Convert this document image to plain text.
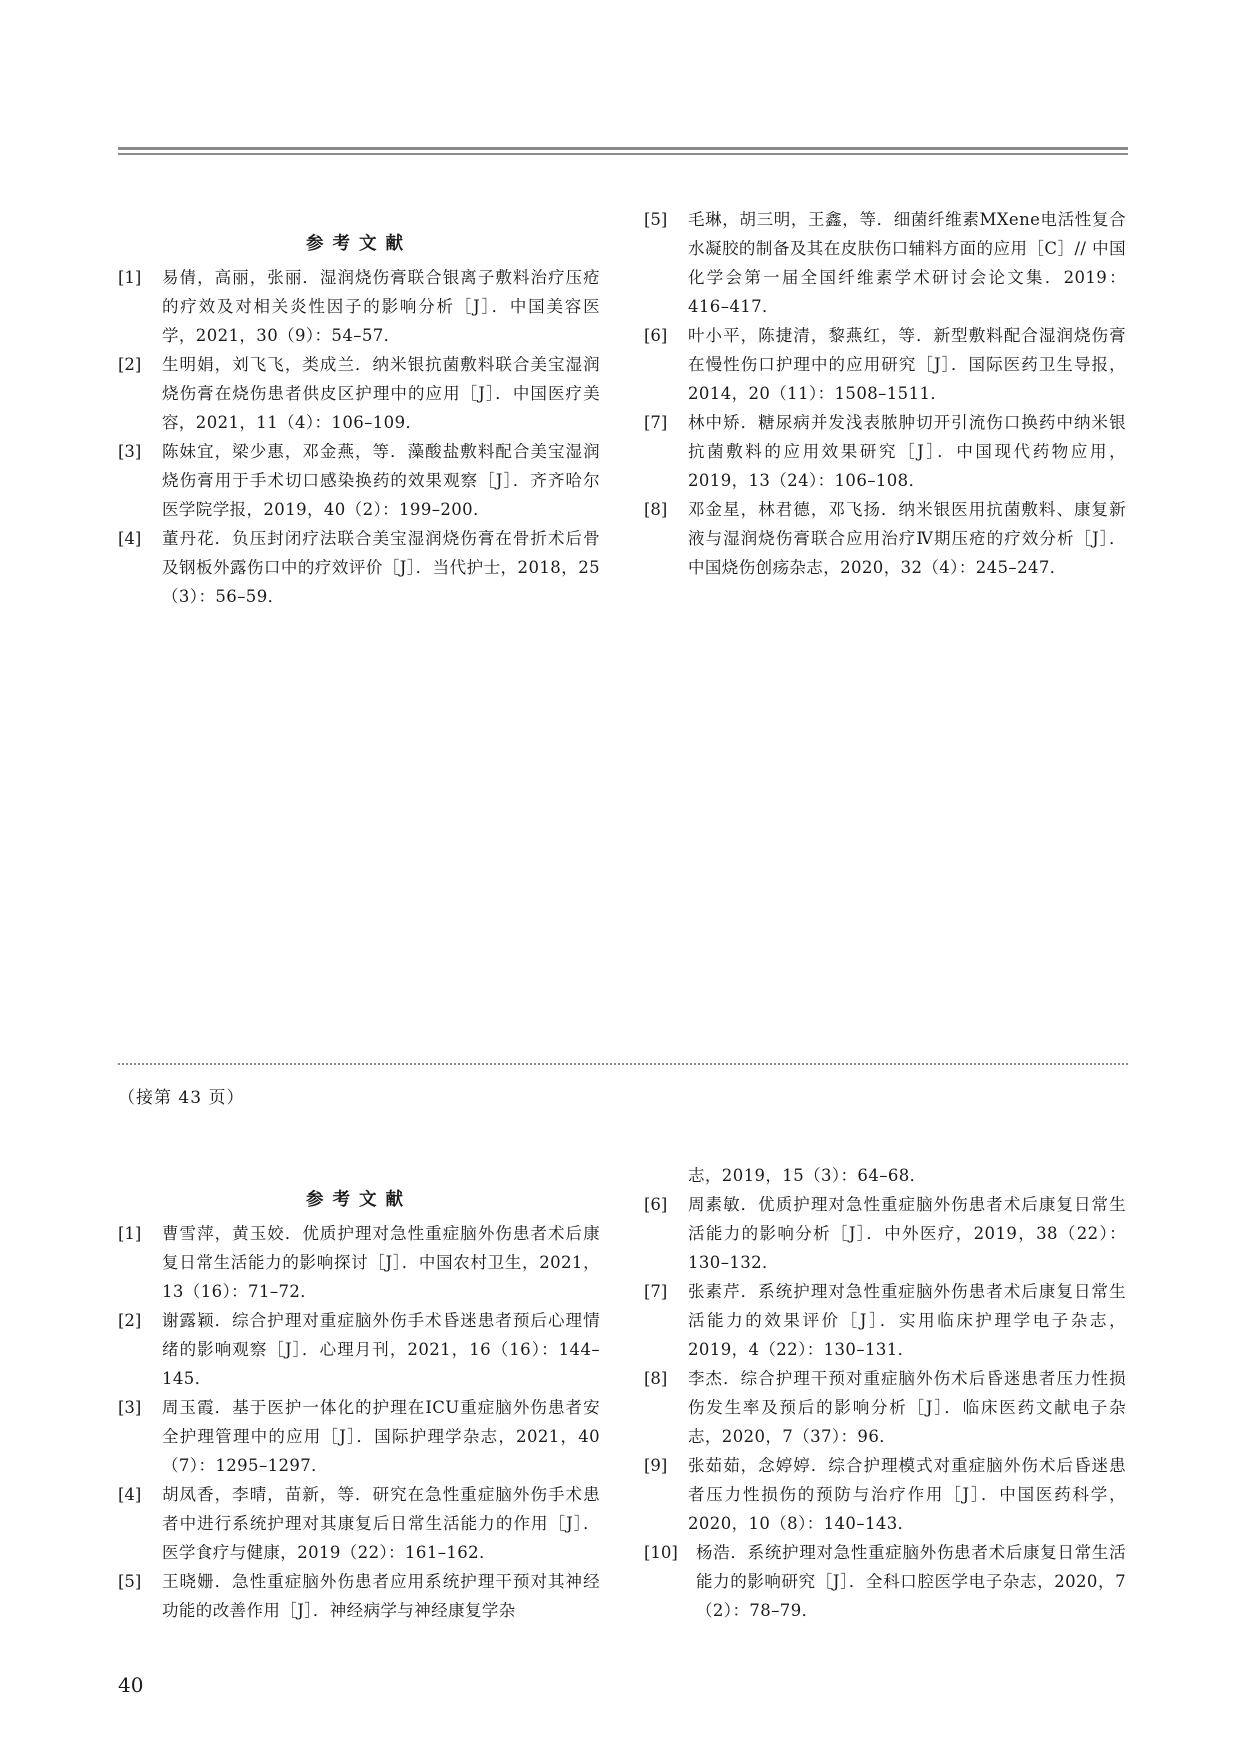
参考文献
[1]	易倩，高丽，张丽．湿润烧伤膏联合银离子敷料治疗压疮的疗效及对相关炎性因子的影响分析［J］．中国美容医学，2021，30（9）：54–57．
[2]	生明娟，刘飞飞，类成兰．纳米银抗菌敷料联合美宝湿润烧伤膏在烧伤患者供皮区护理中的应用［J］．中国医疗美容，2021，11（4）：106–109．
[3]	陈妹宜，梁少惠，邓金燕，等．藻酸盐敷料配合美宝湿润烧伤膏用于手术切口感染换药的效果观察［J］．齐齐哈尔医学院学报，2019，40（2）：199–200．
[4]	董丹花．负压封闭疗法联合美宝湿润烧伤膏在骨折术后骨及钢板外露伤口中的疗效评价［J］．当代护士，2018，25（3）：56–59．
[5]	毛琳，胡三明，王鑫，等．细菌纤维素MXene电活性复合水凝胶的制备及其在皮肤伤口辅料方面的应用［C］// 中国化学会第一届全国纤维素学术研讨会论文集．2019：416–417．
[6]	叶小平，陈捷清，黎燕红，等．新型敷料配合湿润烧伤膏在慢性伤口护理中的应用研究［J］．国际医药卫生导报，2014，20（11）：1508–1511．
[7]	林中矫．糖尿病并发浅表脓肿切开引流伤口换药中纳米银抗菌敷料的应用效果研究［J］．中国现代药物应用，2019，13（24）：106–108．
[8]	邓金星，林君德，邓飞扬．纳米银医用抗菌敷料、康复新液与湿润烧伤膏联合应用治疗Ⅳ期压疮的疗效分析［J］．中国烧伤创疡杂志，2020，32（4）：245–247．
（接第 43 页）
参考文献
[1]	曹雪萍，黄玉姣．优质护理对急性重症脑外伤患者术后康复日常生活能力的影响探讨［J］．中国农村卫生，2021，13（16）：71–72．
[2]	谢露颖．综合护理对重症脑外伤手术昏迷患者预后心理情绪的影响观察［J］．心理月刊，2021，16（16）：144–145．
[3]	周玉霞．基于医护一体化的护理在ICU重症脑外伤患者安全护理管理中的应用［J］．国际护理学杂志，2021，40（7）：1295–1297．
[4]	胡凤香，李晴，苗新，等．研究在急性重症脑外伤手术患者中进行系统护理对其康复后日常生活能力的作用［J］．医学食疗与健康，2019（22）：161–162．
[5]	王晓姗．急性重症脑外伤患者应用系统护理干预对其神经功能的改善作用［J］．神经病学与神经康复学杂
志，2019，15（3）：64–68．
[6]	周素敏．优质护理对急性重症脑外伤患者术后康复日常生活能力的影响分析［J］．中外医疗，2019，38（22）：130–132．
[7]	张素芹．系统护理对急性重症脑外伤患者术后康复日常生活能力的效果评价［J］．实用临床护理学电子杂志，2019，4（22）：130–131．
[8]	李杰．综合护理干预对重症脑外伤术后昏迷患者压力性损伤发生率及预后的影响分析［J］．临床医药文献电子杂志，2020，7（37）：96．
[9]	张茹茹，念婷婷．综合护理模式对重症脑外伤术后昏迷患者压力性损伤的预防与治疗作用［J］．中国医药科学，2020，10（8）：140–143．
[10]	杨浩．系统护理对急性重症脑外伤患者术后康复日常生活能力的影响研究［J］．全科口腔医学电子杂志，2020，7（2）：78–79．
40
